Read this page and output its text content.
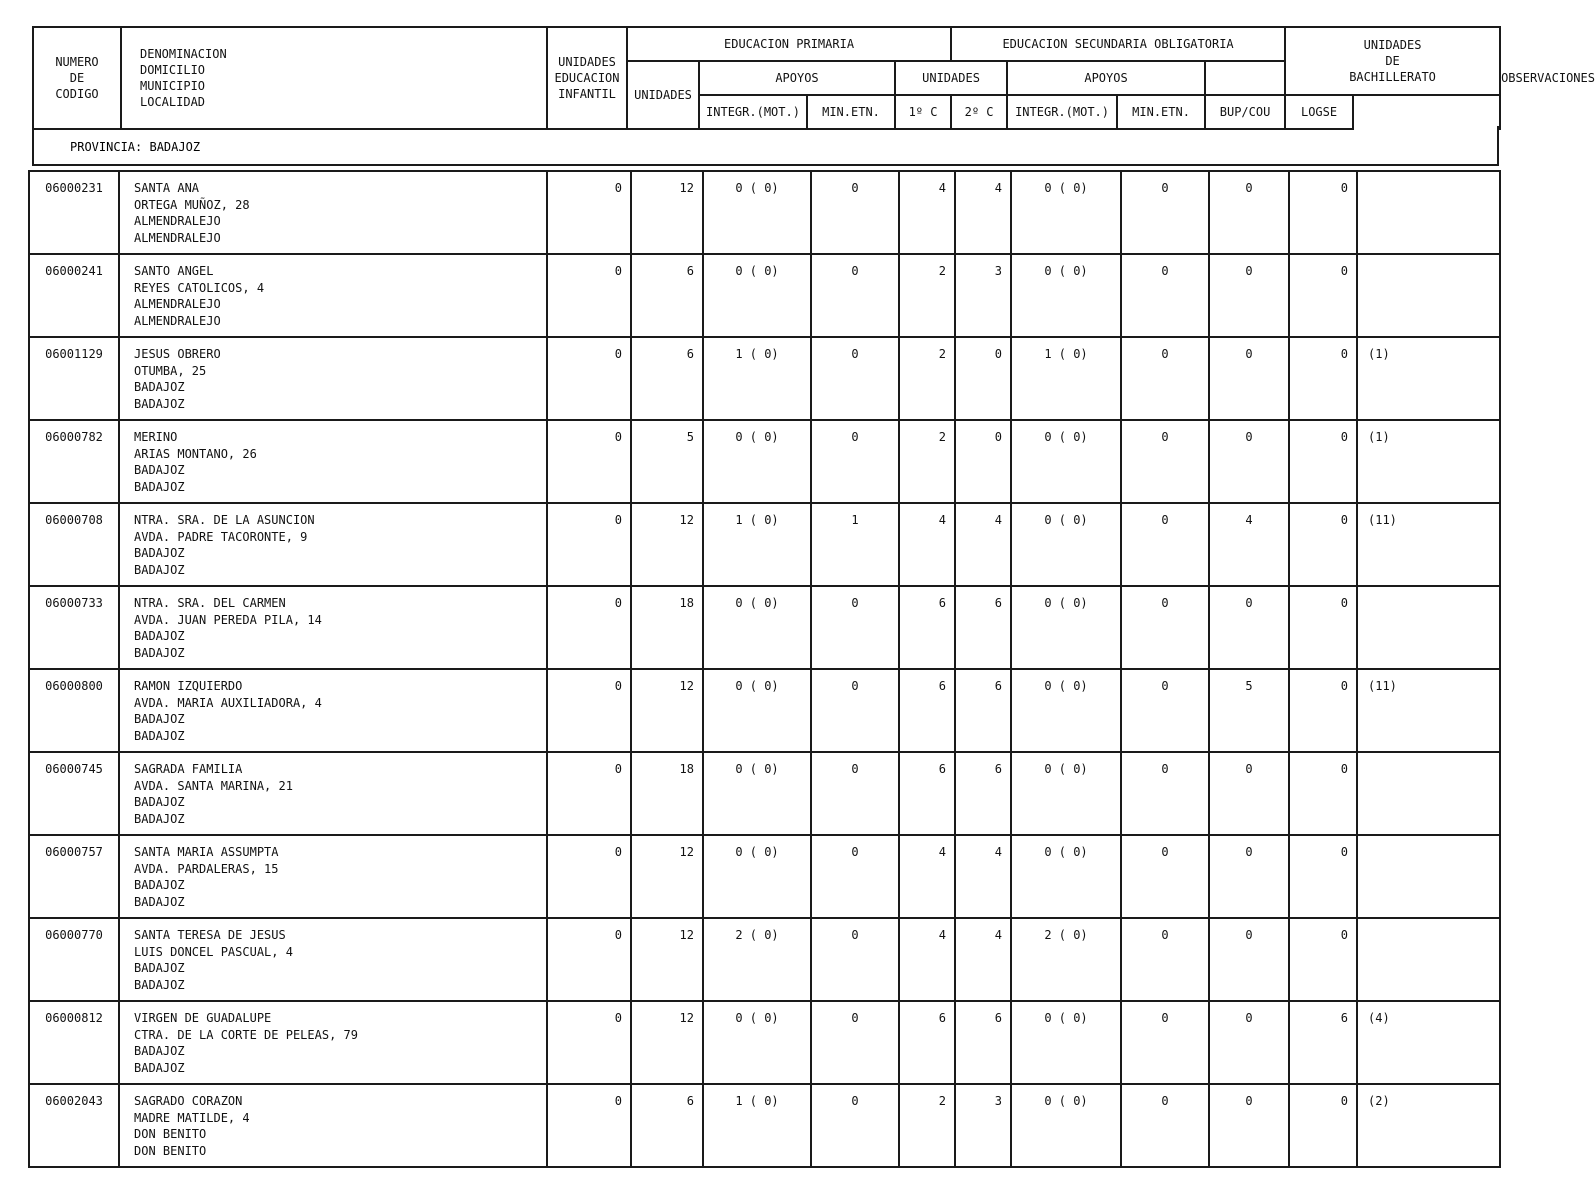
NUMERO
DE
CODIGO	DENOMINACION
DOMICILIO
MUNICIPIO
LOCALIDAD	UNIDADES
EDUCACION
INFANTIL	EDUCACION PRIMARIA				EDUCACION SECUNDARIA OBLIGATORIA				UNIDADES
DE
BACHILLERATO	OBSERVACIONES
			UNIDADES	APOYOS		UNIDADES		APOYOS				
				INTEGR.(MOT.)	MIN.ETN.	1º C	2º C	INTEGR.(MOT.)	MIN.ETN.	BUP/COU	LOGSE	
PROVINCIA: BADAJOZ
06000231	SANTA ANA
ORTEGA MUÑOZ, 28
ALMENDRALEJO
ALMENDRALEJO	0	12	0 ( 0)	0	4	4	0 ( 0)	0	0	0	
06000241	SANTO ANGEL
REYES CATOLICOS, 4
ALMENDRALEJO
ALMENDRALEJO	0	6	0 ( 0)	0	2	3	0 ( 0)	0	0	0	
06001129	JESUS OBRERO
OTUMBA, 25
BADAJOZ
BADAJOZ	0	6	1 ( 0)	0	2	0	1 ( 0)	0	0	0	(1)
06000782	MERINO
ARIAS MONTANO, 26
BADAJOZ
BADAJOZ	0	5	0 ( 0)	0	2	0	0 ( 0)	0	0	0	(1)
06000708	NTRA. SRA. DE LA ASUNCION
AVDA. PADRE TACORONTE, 9
BADAJOZ
BADAJOZ	0	12	1 ( 0)	1	4	4	0 ( 0)	0	4	0	(11)
06000733	NTRA. SRA. DEL CARMEN
AVDA. JUAN PEREDA PILA, 14
BADAJOZ
BADAJOZ	0	18	0 ( 0)	0	6	6	0 ( 0)	0	0	0	
06000800	RAMON IZQUIERDO
AVDA. MARIA AUXILIADORA, 4
BADAJOZ
BADAJOZ	0	12	0 ( 0)	0	6	6	0 ( 0)	0	5	0	(11)
06000745	SAGRADA FAMILIA
AVDA. SANTA MARINA, 21
BADAJOZ
BADAJOZ	0	18	0 ( 0)	0	6	6	0 ( 0)	0	0	0	
06000757	SANTA MARIA ASSUMPTA
AVDA. PARDALERAS, 15
BADAJOZ
BADAJOZ	0	12	0 ( 0)	0	4	4	0 ( 0)	0	0	0	
06000770	SANTA TERESA DE JESUS
LUIS DONCEL PASCUAL, 4
BADAJOZ
BADAJOZ	0	12	2 ( 0)	0	4	4	2 ( 0)	0	0	0	
06000812	VIRGEN DE GUADALUPE
CTRA. DE LA CORTE DE PELEAS, 79
BADAJOZ
BADAJOZ	0	12	0 ( 0)	0	6	6	0 ( 0)	0	0	6	(4)
06002043	SAGRADO CORAZON
MADRE MATILDE, 4
DON BENITO
DON BENITO	0	6	1 ( 0)	0	2	3	0 ( 0)	0	0	0	(2)
